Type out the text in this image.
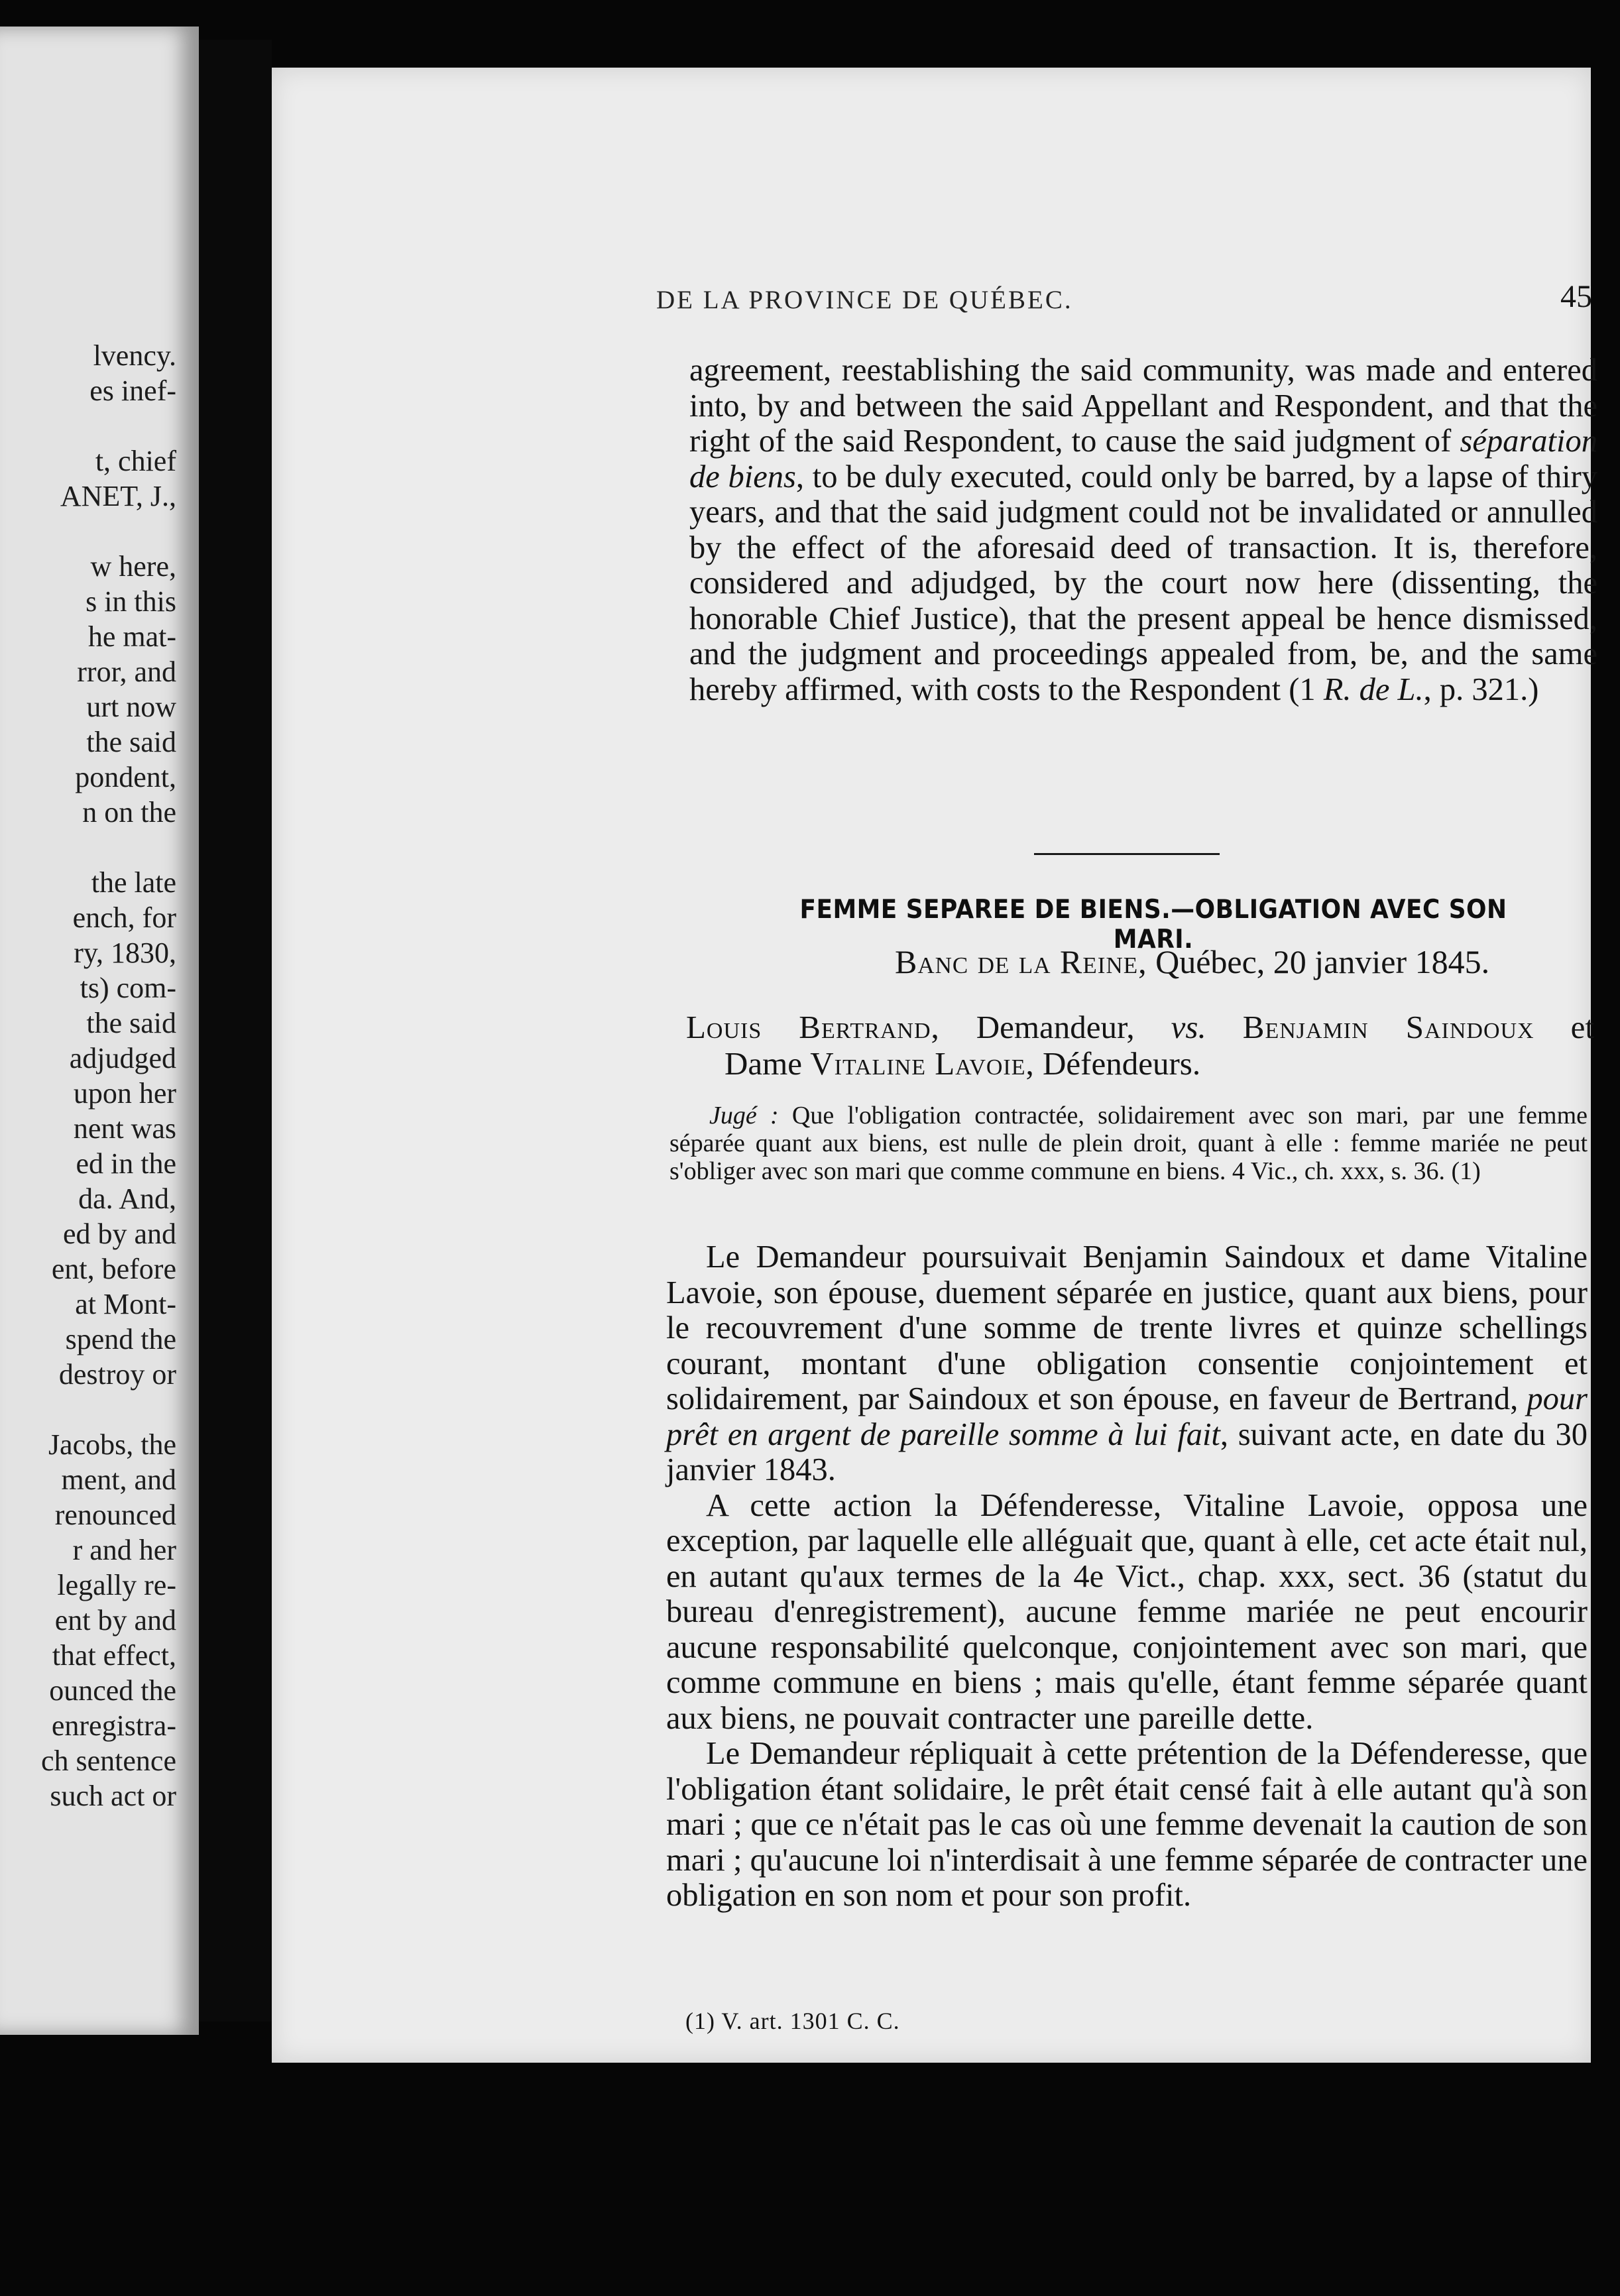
lvency.
es inef-
t, chief
ANET, J.,
w here,
s in this
he mat-
rror, and
urt now
the said
pondent,
n on the
the late
ench, for
ry, 1830,
ts) com-
the said
adjudged
upon her
nent was
ed in the
da. And,
ed by and
ent, before
at Mont-
spend the
destroy or
Jacobs, the
ment, and
renounced
r and her
legally re-
ent by and
that effect,
ounced the
enregistra-
ch sentence
such act or
DE LA PROVINCE DE QUÉBEC.	45

agreement, reestablishing the said community, was made and entered into, by and between the said Appellant and Respondent, and that the right of the said Respondent, to cause the said judgment of séparation de biens, to be duly executed, could only be barred, by a lapse of thiry years, and that the said judgment could not be invalidated or annulled by the effect of the aforesaid deed of transaction. It is, therefore, considered and adjudged, by the court now here (dissenting, the honorable Chief Justice), that the present appeal be hence dismissed, and the judgment and proceedings appealed from, be, and the same hereby affirmed, with costs to the Respondent (1 R. de L., p. 321.)

FEMME SEPAREE DE BIENS.—OBLIGATION AVEC SON MARI.
Banc de la Reine, Québec, 20 janvier 1845.
Louis Bertrand, Demandeur, vs. Benjamin Saindoux et
Dame Vitaline Lavoie, Défendeurs.

Jugé : Que l'obligation contractée, solidairement avec son mari, par une femme séparée quant aux biens, est nulle de plein droit, quant à elle : femme mariée ne peut s'obliger avec son mari que comme commune en biens. 4 Vic., ch. xxx, s. 36. (1)

Le Demandeur poursuivait Benjamin Saindoux et dame Vitaline Lavoie, son épouse, duement séparée en justice, quant aux biens, pour le recouvrement d'une somme de trente livres et quinze schellings courant, montant d'une obligation consentie conjointement et solidairement, par Saindoux et son épouse, en faveur de Bertrand, pour prêt en argent de pareille somme à lui fait, suivant acte, en date du 30 janvier 1843.

A cette action la Défenderesse, Vitaline Lavoie, opposa une exception, par laquelle elle alléguait que, quant à elle, cet acte était nul, en autant qu'aux termes de la 4e Vict., chap. xxx, sect. 36 (statut du bureau d'enregistrement), aucune femme mariée ne peut encourir aucune responsabilité quelconque, conjointement avec son mari, que comme commune en biens ; mais qu'elle, étant femme séparée quant aux biens, ne pouvait contracter une pareille dette.

Le Demandeur répliquait à cette prétention de la Défenderesse, que l'obligation étant solidaire, le prêt était censé fait à elle autant qu'à son mari ; que ce n'était pas le cas où une femme devenait la caution de son mari ; qu'aucune loi n'interdisait à une femme séparée de contracter une obligation en son nom et pour son profit.

(1) V. art. 1301 C. C.
